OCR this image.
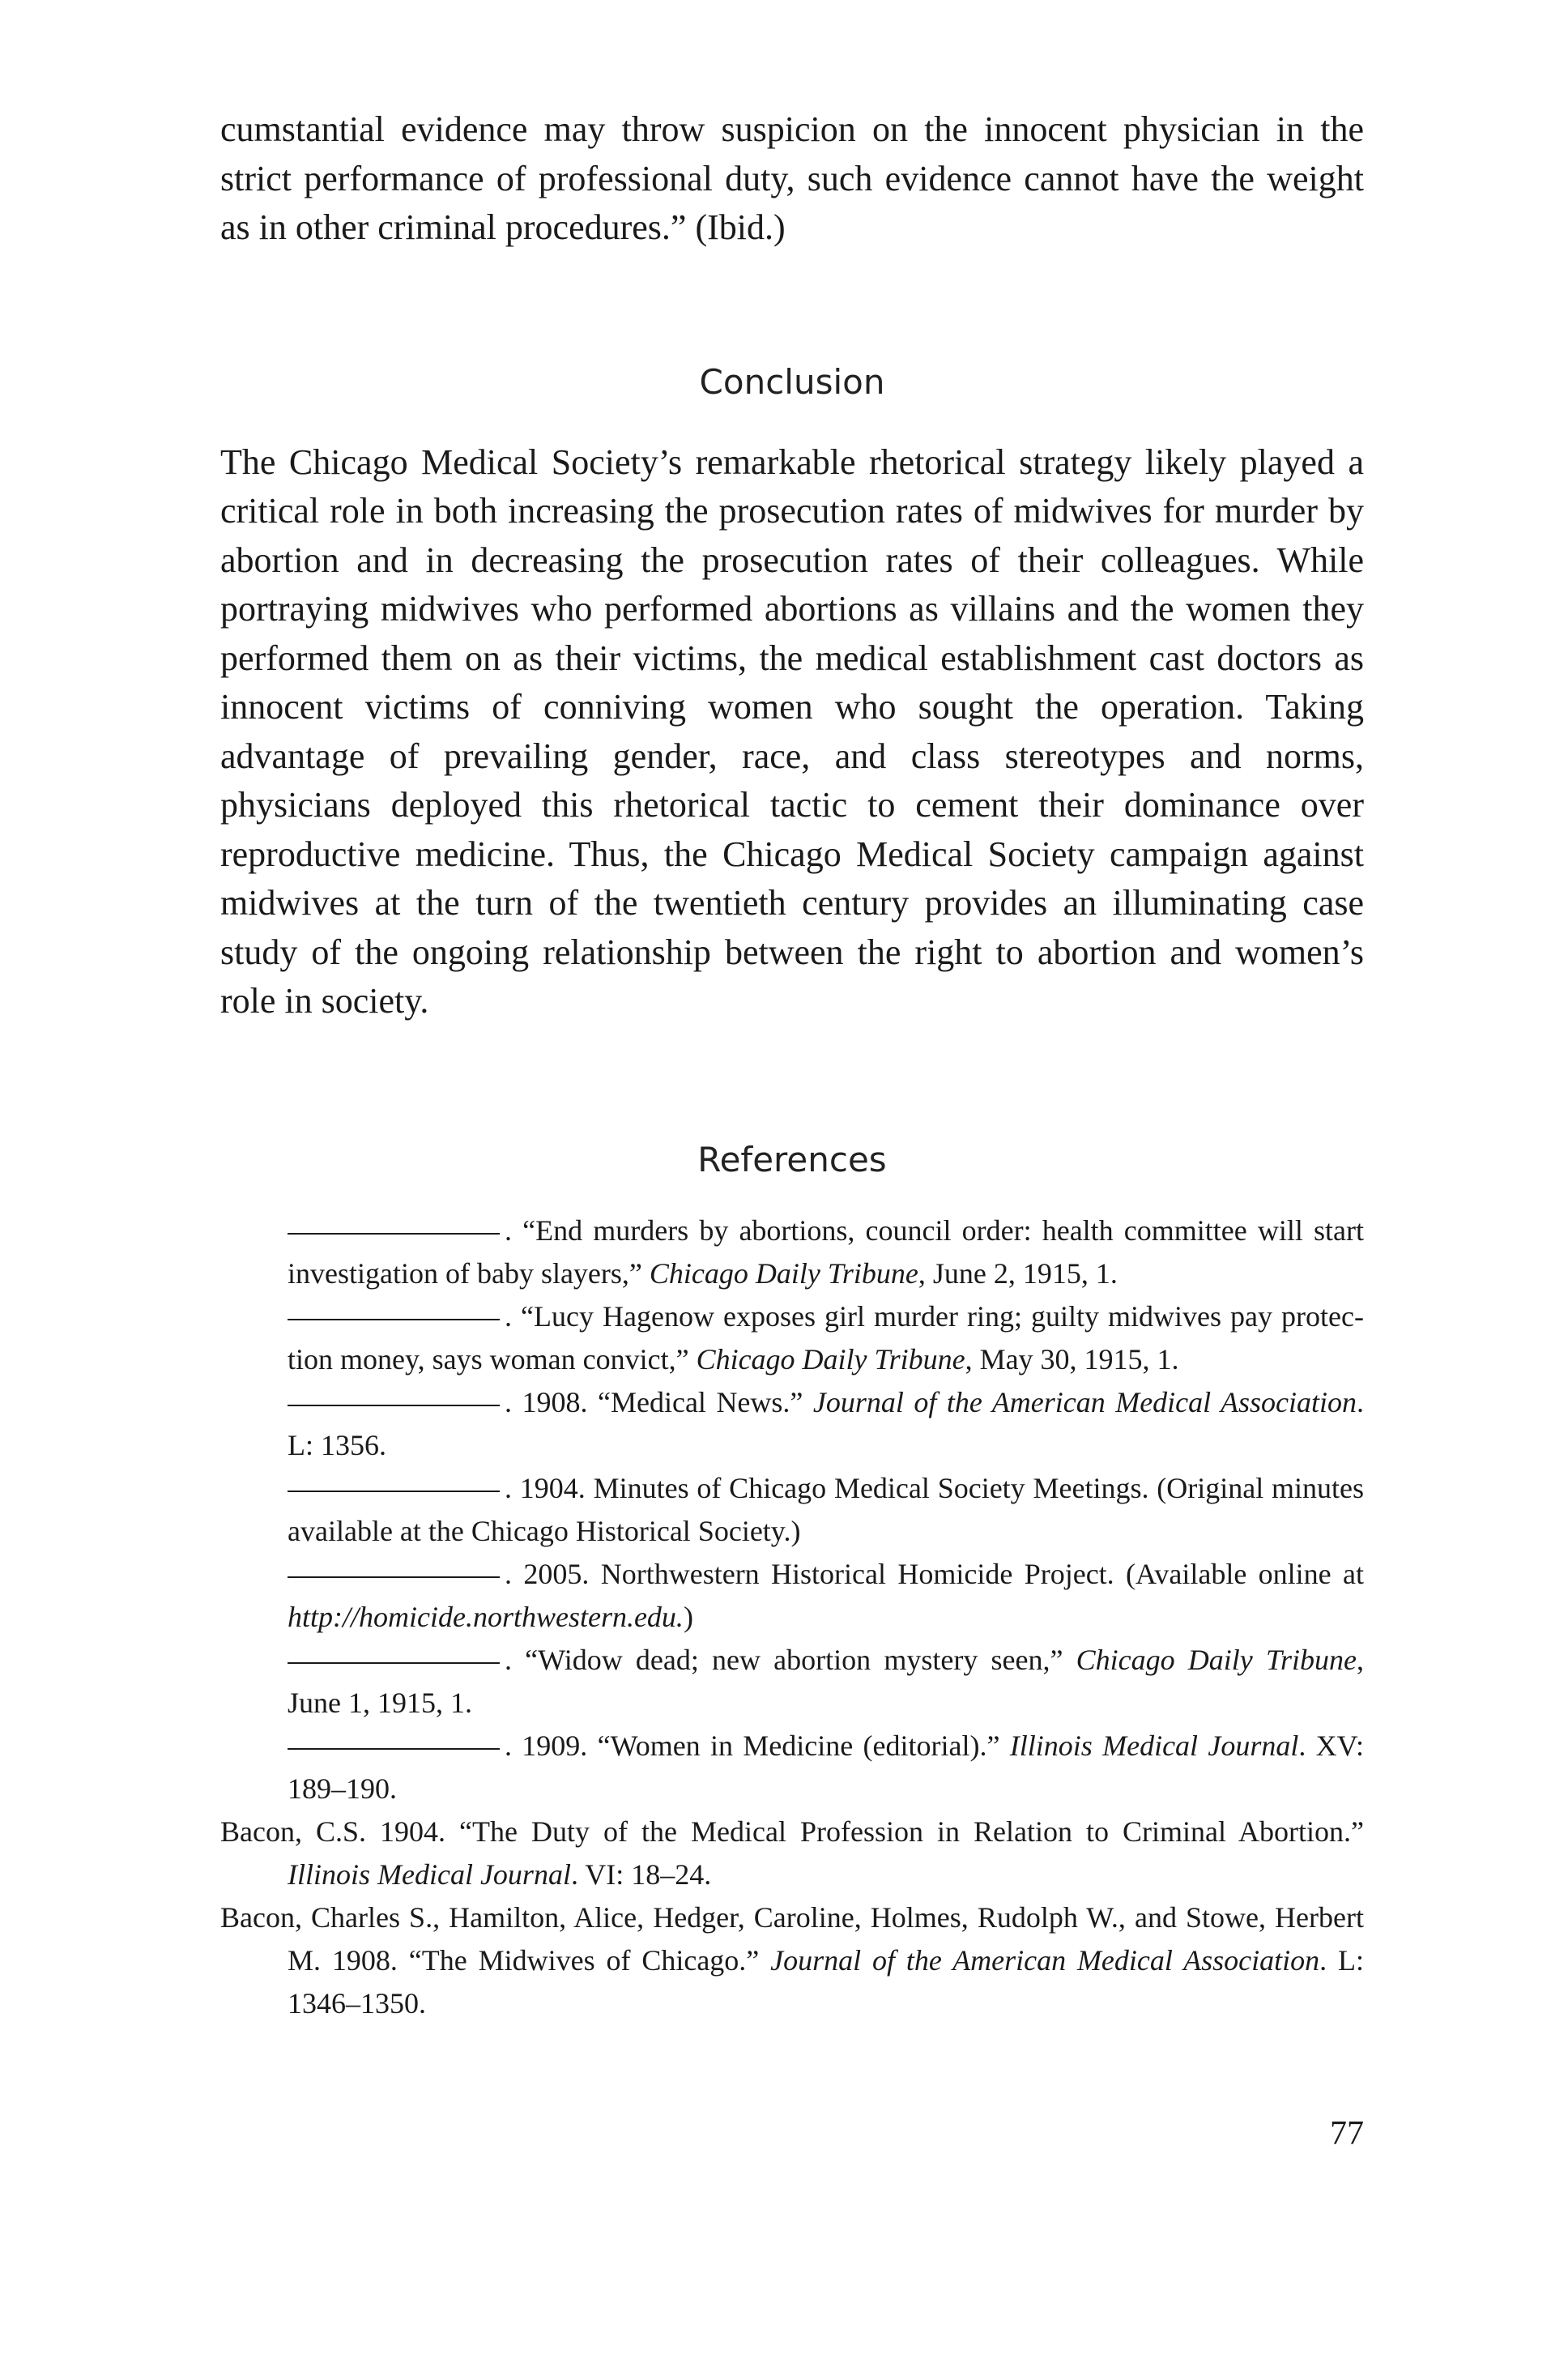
cumstantial evidence may throw suspicion on the innocent physician in the strict performance of professional duty, such evidence cannot have the weight as in other criminal procedures.” (Ibid.)

Conclusion

The Chicago Medical Society’s remarkable rhetorical strategy likely played a critical role in both increasing the prosecution rates of midwives for murder by abortion and in decreasing the prosecution rates of their colleagues. While portraying midwives who performed abortions as villains and the women they performed them on as their victims, the medical establishment cast doctors as innocent victims of conniving women who sought the operation. Taking advantage of prevailing gender, race, and class stereotypes and norms, physicians deployed this rhetorical tactic to cement their dominance over reproductive medicine. Thus, the Chicago Medical Society campaign against midwives at the turn of the twentieth century provides an illuminating case study of the ongoing relationship between the right to abortion and women’s role in society.

References
. “End murders by abortions, council order: health committee will start investigation of baby slayers,” Chicago Daily Tribune, June 2, 1915, 1.
. “Lucy Hagenow exposes girl murder ring; guilty midwives pay protection money, says woman convict,” Chicago Daily Tribune, May 30, 1915, 1.
. 1908. “Medical News.” Journal of the American Medical Association. L: 1356.
. 1904. Minutes of Chicago Medical Society Meetings. (Original minutes available at the Chicago Historical Society.)
. 2005. Northwestern Historical Homicide Project. (Available online at http://homicide.northwestern.edu.)
. “Widow dead; new abortion mystery seen,” Chicago Daily Tribune, June 1, 1915, 1.
. 1909. “Women in Medicine (editorial).” Illinois Medical Journal. XV: 189–190.
Bacon, C.S. 1904. “The Duty of the Medical Profession in Relation to Criminal Abortion.” Illinois Medical Journal. VI: 18–24.
Bacon, Charles S., Hamilton, Alice, Hedger, Caroline, Holmes, Rudolph W., and Stowe, Herbert M. 1908. “The Midwives of Chicago.” Journal of the American Medical Association. L: 1346–1350.
77
